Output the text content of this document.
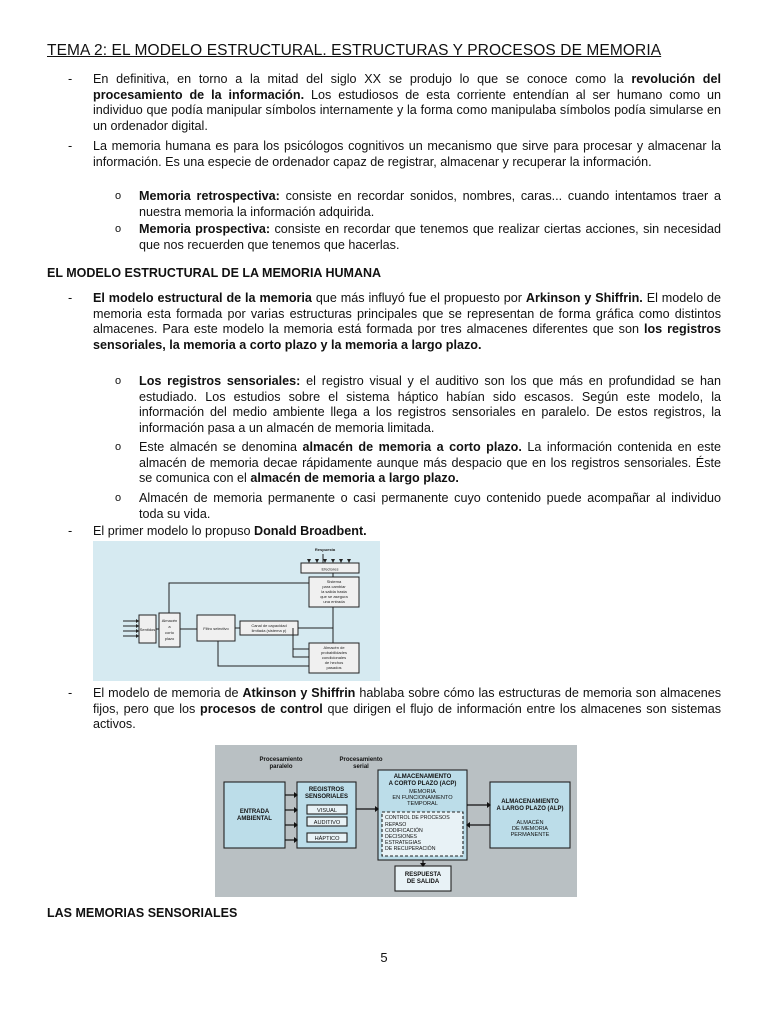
TEMA 2: EL MODELO ESTRUCTURAL. ESTRUCTURAS Y PROCESOS DE MEMORIA
- En definitiva, en torno a la mitad del siglo XX se produjo lo que se conoce como la revolución del procesamiento de la información. Los estudiosos de esta corriente entendían al ser humano como un individuo que podía manipular símbolos internamente y la forma como manipulaba símbolos podía simularse en un ordenador digital.
- La memoria humana es para los psicólogos cognitivos un mecanismo que sirve para procesar y almacenar la información. Es una especie de ordenador capaz de registrar, almacenar y recuperar la información.
o Memoria retrospectiva: consiste en recordar sonidos, nombres, caras... cuando intentamos traer a nuestra memoria la información adquirida.
o Memoria prospectiva: consiste en recordar que tenemos que realizar ciertas acciones, sin necesidad que nos recuerden que tenemos que hacerlas.
EL MODELO ESTRUCTURAL DE LA MEMORIA HUMANA
- El modelo estructural de la memoria que más influyó fue el propuesto por Arkinson y Shiffrin. El modelo de memoria esta formada por varias estructuras principales que se representan de forma gráfica como distintos almacenes. Para este modelo la memoria está formada por tres almacenes diferentes que son los registros sensoriales, la memoria a corto plazo y la memoria a largo plazo.
o Los registros sensoriales: el registro visual y el auditivo son los que más en profundidad se han estudiado. Los estudios sobre el sistema háptico habían sido escasos. Según este modelo, la información del medio ambiente llega a los registros sensoriales en paralelo. De estos registros, la información pasa a un almacén de memoria limitada.
o Este almacén se denomina almacén de memoria a corto plazo. La información contenida en este almacén de memoria decae rápidamente aunque más despacio que en los registros sensoriales. Éste se comunica con el almacén de memoria a largo plazo.
o Almacén de memoria permanente o casi permanente cuyo contenido puede acompañar al individuo toda su vida.
- El primer modelo lo propuso Donald Broadbent.
Respuesta
Efectores
Sistema
para cambiar
la salida hasta
que se asegura
una entrada
Sentidos
Almacén
a
corto
plazo
Filtro selectivo
Canal de capacidad
limitada (sistema p)
Almacén de
probabilidades
condicionales
de hechos
pasados
- El modelo de memoria de Atkinson y Shiffrin hablaba sobre cómo las estructuras de memoria son almacenes fijos, pero que los procesos de control que dirigen el flujo de información entre los almacenes son sistemas activos.
Procesamiento
paralelo
Procesamiento
serial
ENTRADA
AMBIENTAL
REGISTROS
SENSORIALES
ALMACENAMIENTO
A CORTO PLAZO (ACP)
ALMACENAMIENTO
A LARGO PLAZO (ALP)
RESPUESTA
DE SALIDA
VISUAL
AUDITIVO
HÁPTICO
MEMORIA
EN FUNCIONAMIENTO
TEMPORAL
ALMACÉN
DE MEMORIA
PERMANENTE
CONTROL DE PROCESOS
REPASO
CODIFICACIÓN
DECISIONES
ESTRATEGIAS
DE RECUPERACIÓN
LAS MEMORIAS SENSORIALES
5
